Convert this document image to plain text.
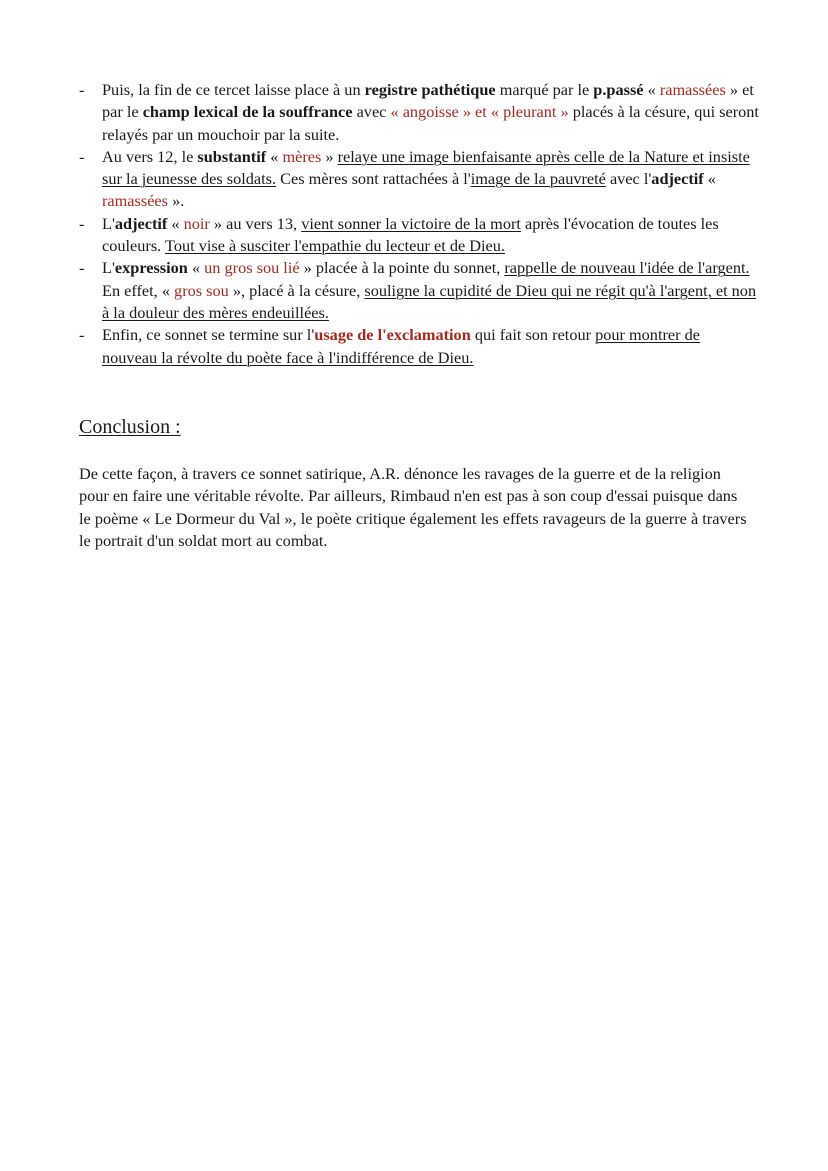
- Puis, la fin de ce tercet laisse place à un registre pathétique marqué par le p.passé « ramassées » et par le champ lexical de la souffrance avec « angoisse » et « pleurant » placés à la césure, qui seront relayés par un mouchoir par la suite.
- Au vers 12, le substantif « mères » relaye une image bienfaisante après celle de la Nature et insiste sur la jeunesse des soldats. Ces mères sont rattachées à l'image de la pauvreté avec l'adjectif « ramassées ».
- L'adjectif « noir » au vers 13, vient sonner la victoire de la mort après l'évocation de toutes les couleurs. Tout vise à susciter l'empathie du lecteur et de Dieu.
- L'expression « un gros sou lié » placée à la pointe du sonnet, rappelle de nouveau l'idée de l'argent. En effet, « gros sou », placé à la césure, souligne la cupidité de Dieu qui ne régit qu'à l'argent, et non à la douleur des mères endeuillées.
- Enfin, ce sonnet se termine sur l'usage de l'exclamation qui fait son retour pour montrer de nouveau la révolte du poète face à l'indifférence de Dieu.
Conclusion :

De cette façon, à travers ce sonnet satirique, A.R. dénonce les ravages de la guerre et de la religion pour en faire une véritable révolte. Par ailleurs, Rimbaud n'en est pas à son coup d'essai puisque dans le poème « Le Dormeur du Val », le poète critique également les effets ravageurs de la guerre à travers le portrait d'un soldat mort au combat.
